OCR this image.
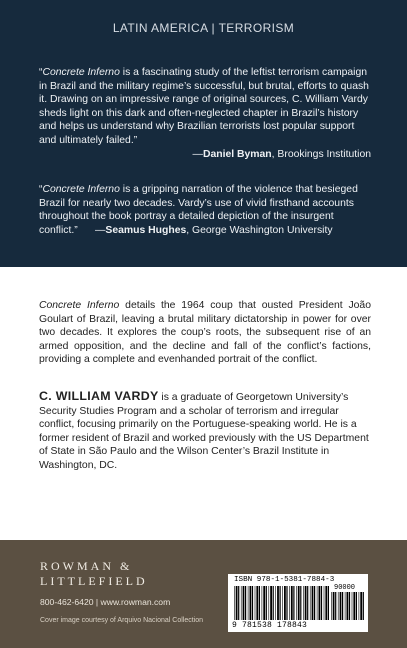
LATIN AMERICA | TERRORISM

“Concrete Inferno is a fascinating study of the leftist terrorism campaign in Brazil and the military regime’s successful, but brutal, efforts to quash it. Drawing on an impressive range of original sources, C. William Vardy sheds light on this dark and often-neglected chapter in Brazil’s history and helps us understand why Brazilian terrorists lost popular support and ultimately failed.”
—Daniel Byman, Brookings Institution

“Concrete Inferno is a gripping narration of the violence that besieged Brazil for nearly two decades. Vardy’s use of vivid firsthand accounts throughout the book portray a detailed depiction of the insurgent conflict.” —Seamus Hughes, George Washington University

Concrete Inferno details the 1964 coup that ousted President João Goulart of Brazil, leaving a brutal military dictatorship in power for over two decades. It explores the coup’s roots, the subsequent rise of an armed opposition, and the decline and fall of the conflict’s factions, providing a complete and evenhanded portrait of the conflict.

C. WILLIAM VARDY is a graduate of Georgetown University’s Security Studies Program and a scholar of terrorism and irregular conflict, focusing primarily on the Portuguese-speaking world. He is a former resident of Brazil and worked previously with the US Department of State in São Paulo and the Wilson Center’s Brazil Institute in Washington, DC.

ROWMAN &
LITTLEFIELD
800-462-6420 | www.rowman.com
Cover image courtesy of Arquivo Nacional Collection
ISBN 978-1-5381-7884-3
90000
9 781538 178843
